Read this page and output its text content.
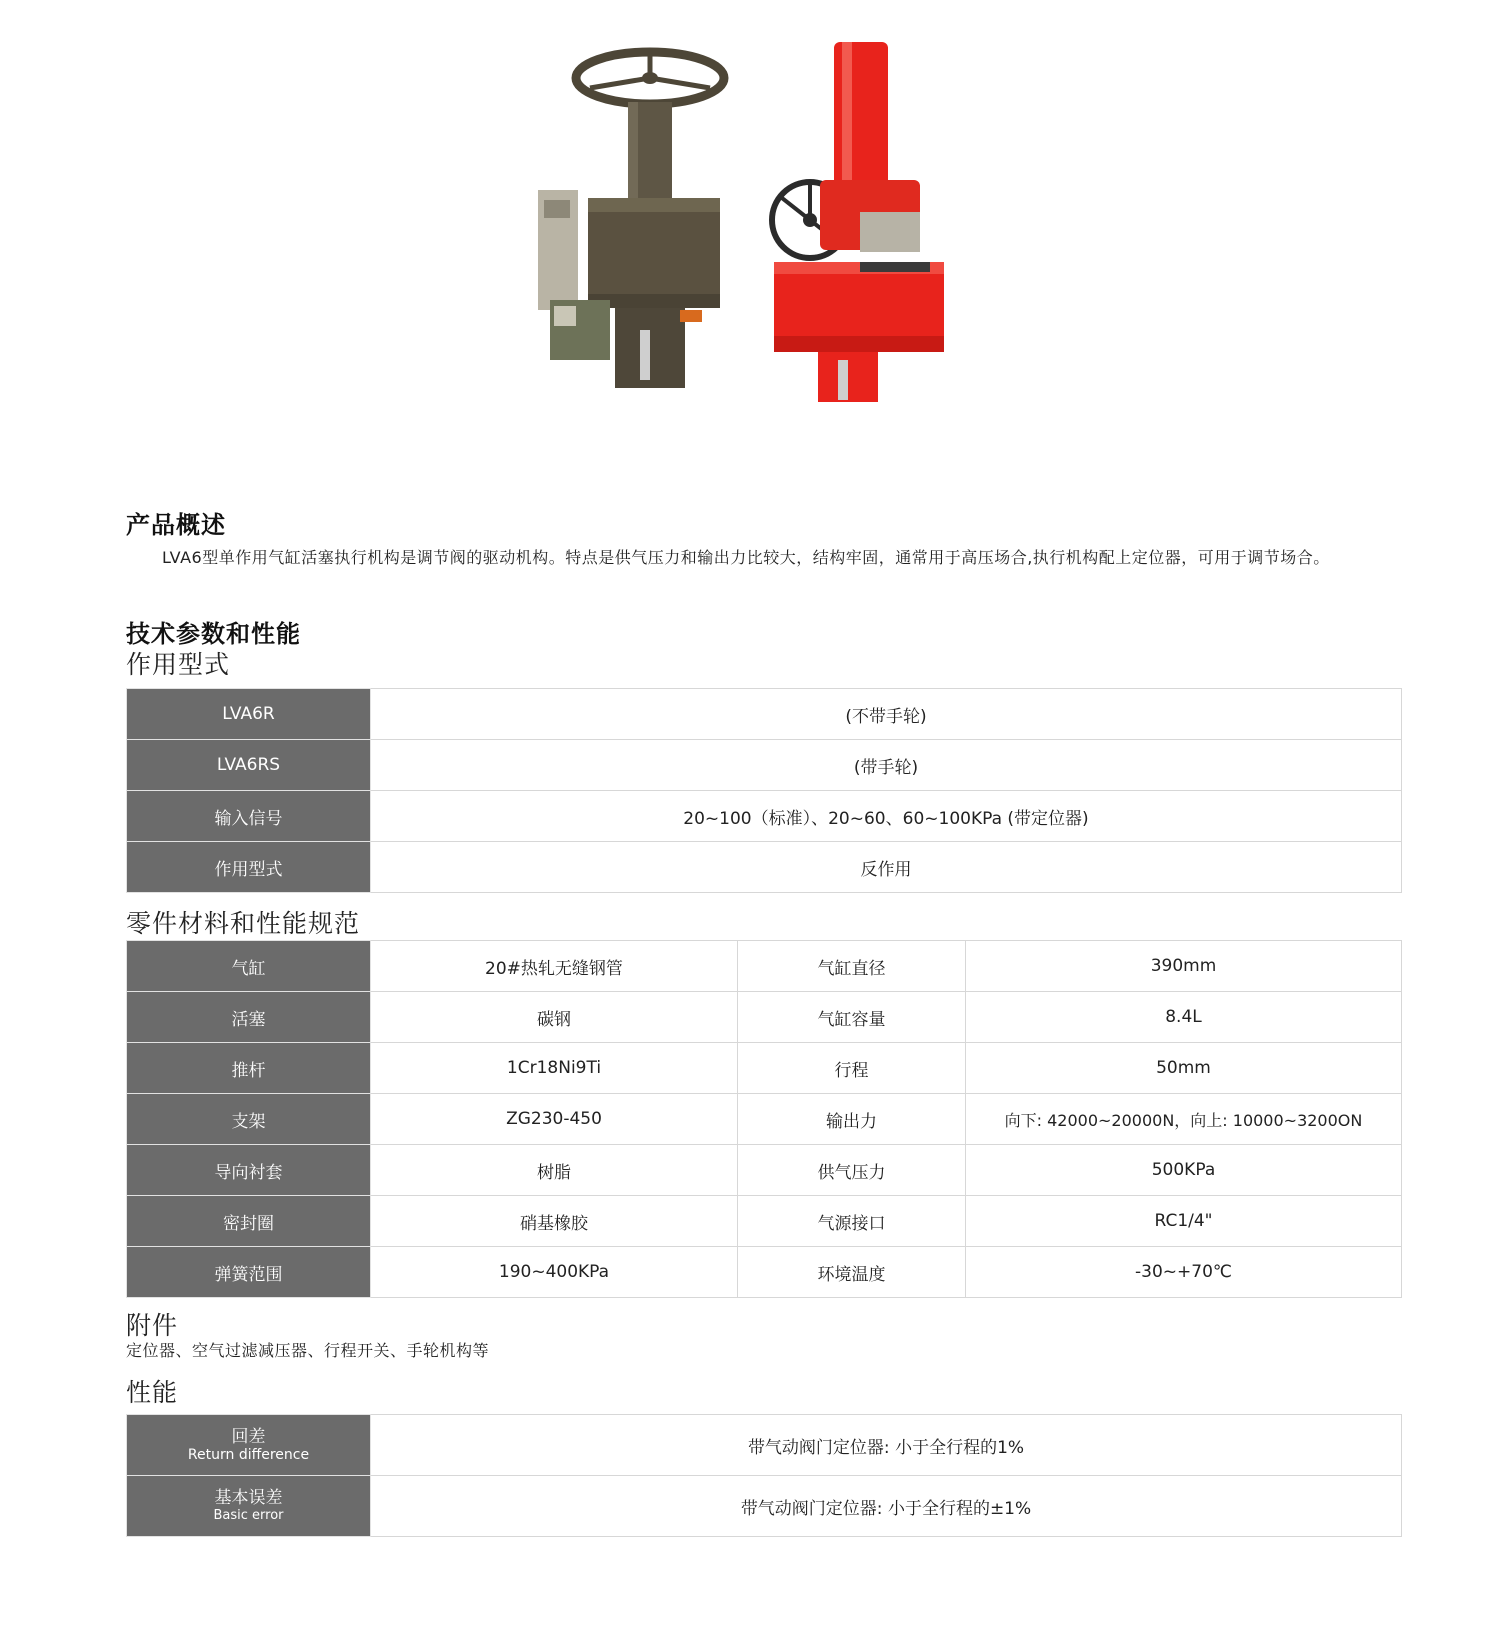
产品概述
LVA6型单作用气缸活塞执行机构是调节阀的驱动机构。特点是供气压力和输出力比较大，结构牢固，通常用于高压场合,执行机构配上定位器，可用于调节场合。
技术参数和性能
作用型式
LVA6R	(不带手轮)
LVA6RS	(带手轮)
输入信号	20~100（标准）、20~60、60~100KPa (带定位器)
作用型式	反作用
零件材料和性能规范
气缸	20#热轧无缝钢管	气缸直径	390mm
活塞	碳钢	气缸容量	8.4L
推杆	1Cr18Ni9Ti	行程	50mm
支架	ZG230-450	输出力	向下: 42000~20000N，向上: 10000~3200ON
导向衬套	树脂	供气压力	500KPa
密封圈	硝基橡胶	气源接口	RC1/4"
弹簧范围	190~400KPa	环境温度	-30~+70℃
附件
定位器、空气过滤减压器、行程开关、手轮机构等
性能
回差
Return difference	带气动阀门定位器: 小于全行程的1%

基本误差
Basic error	带气动阀门定位器: 小于全行程的±1%
